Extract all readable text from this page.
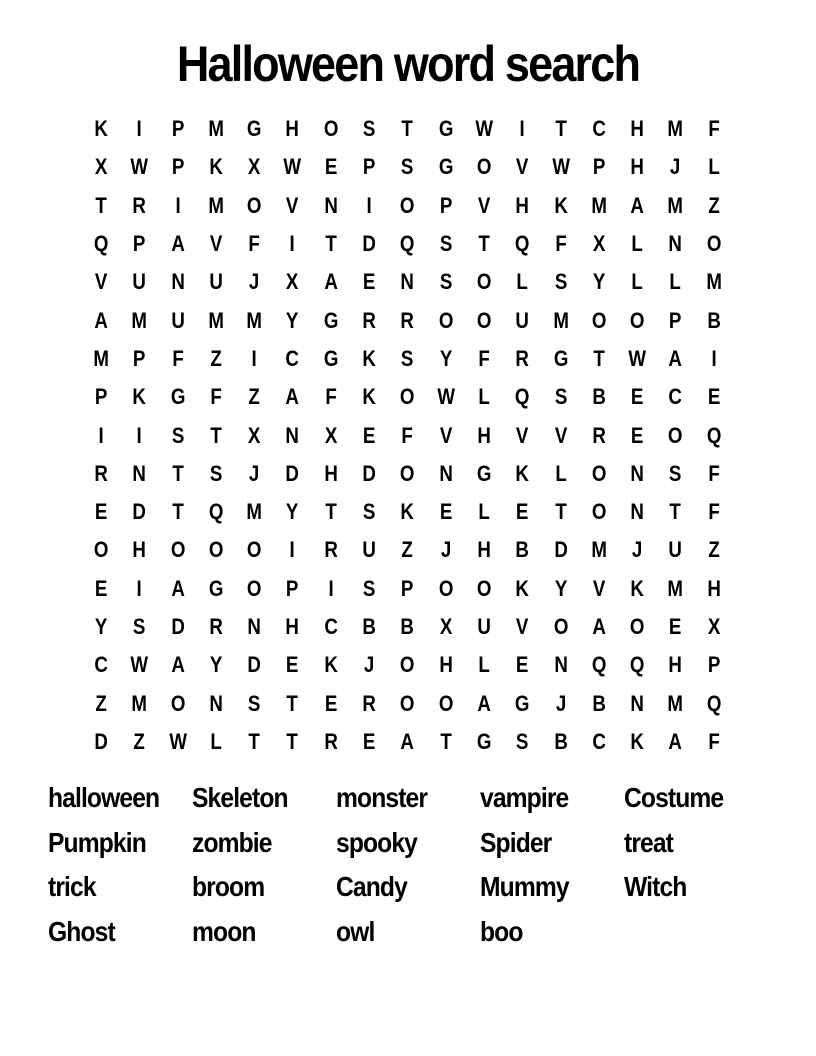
Halloween word search
K	I	P	M	G	H	O	S	T	G	W	I	T	C	H	M	F
X	W	P	K	X	W	E	P	S	G	O	V	W	P	H	J	L
T	R	I	M	O	V	N	I	O	P	V	H	K	M	A	M	Z
Q	P	A	V	F	I	T	D	Q	S	T	Q	F	X	L	N	O
V	U	N	U	J	X	A	E	N	S	O	L	S	Y	L	L	M
A	M	U	M	M	Y	G	R	R	O	O	U	M	O	O	P	B
M	P	F	Z	I	C	G	K	S	Y	F	R	G	T	W	A	I
P	K	G	F	Z	A	F	K	O	W	L	Q	S	B	E	C	E
I	I	S	T	X	N	X	E	F	V	H	V	V	R	E	O	Q
R	N	T	S	J	D	H	D	O	N	G	K	L	O	N	S	F
E	D	T	Q	M	Y	T	S	K	E	L	E	T	O	N	T	F
O	H	O	O	O	I	R	U	Z	J	H	B	D	M	J	U	Z
E	I	A	G	O	P	I	S	P	O	O	K	Y	V	K	M	H
Y	S	D	R	N	H	C	B	B	X	U	V	O	A	O	E	X
C	W	A	Y	D	E	K	J	O	H	L	E	N	Q	Q	H	P
Z	M	O	N	S	T	E	R	O	O	A	G	J	B	N	M	Q
D	Z	W	L	T	T	R	E	A	T	G	S	B	C	K	A	F
halloween	Skeleton	monster	vampire	Costume
Pumpkin	zombie	spooky	Spider	treat
trick	broom	Candy	Mummy	Witch
Ghost	moon	owl	boo
